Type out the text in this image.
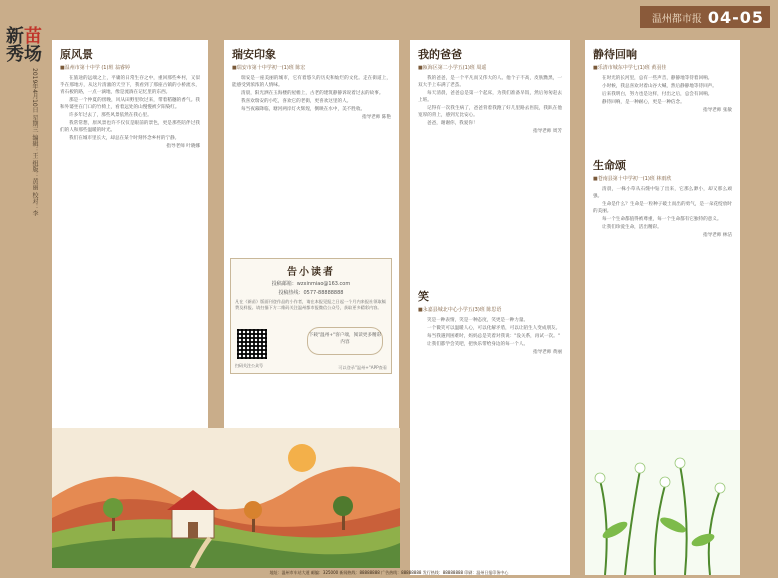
温州都市报 04-05
新苗
秀场
2019年4月10日 星期三 编辑：王 组版：黄丽 校对：李
原风景
■温州市第十中学 (1)班 翁睿婷

在旅途的远端之上，平庸的日常生存之中，重回那些乡村，又似乎在那地方，从这片清澈的天空下，我看到了那座古镇的小桥流水，青石板的路，一点一滴地，像是流淌在记忆里的东西。

那是一个仲夏的傍晚，风从田野里吹过来，带着稻穗的香气。我和外婆坐在门口的竹椅上，看着远处的山慢慢被夕阳染红。

许多年过去了，那些风景依然在我心里。

我常常想，原风景也许不仅仅是眼前的景色，更是那些陪伴过我们的人和那些温暖的时光。

我们在城市里长大，却总在某个时刻怀念乡村的宁静。

指导老师 叶晓娜

瑞安印象
■瑞安市第十中学初一(1)班 陈宏

瑞安是一座美丽的城市，它有着悠久的历史和灿烂的文化。走在街道上，能感受到浓浓的人情味。

清晨，阳光洒在玉海楼的屋檐上，古老的建筑静静诉说着过去的故事。

我喜欢瑞安的小吃，喜欢它的老街，更喜欢这里的人。

每当夜幕降临，塘河两岸灯火辉煌，倒映在水中，美不胜收。

指导老师 陈艳

告小读者
投稿邮箱：wzxinmiao@163.com
投稿热线：0577-88888888
凡在《新苗》版面刊登作品的小作者，请在本报见报之日起一个月内来报社领取稿费及样报。请扫描下方二维码关注温州都市报微信公众号，获取更多精彩内容。
扫码关注公众号
下载"温州+"客户端，阅读更多精彩内容
可以登录"温州+"APP查看
我的爸爸
■瓯海区第二小学五(1)班 周遥

我的爸爸，是一个平凡而又伟大的人。他个子不高，皮肤黝黑，一双大手上布满了老茧。

每天清晨，爸爸总是第一个起床，为我们准备早饭，然后匆匆赶去上班。

记得有一次我生病了，爸爸背着我跑了好几里路去医院，我趴在他宽厚的背上，感到无比安心。

爸爸，谢谢你，我爱你！

指导老师 周芳

笑
■永嘉县城北中心小学五(3)班 陈思语

笑是一种表情，笑是一种态度，笑更是一种力量。

一个微笑可以温暖人心，可以化解矛盾，可以让陌生人变成朋友。

每当我遇到困难时，妈妈总是笑着对我说："没关系，再试一次。"

让我们都学会笑吧，把快乐带给身边的每一个人。

指导老师 黄丽

静待回响
■乐清市城东中学七(1)班 黄羽佳

在时光的长河里，总有一些声音，静静地等待着回响。

小时候，我总喜欢对着山谷大喊，然后静静地等待回声。

后来我明白，努力也是这样，付出之后，总会有回响。

静待回响，是一种耐心，更是一种信念。

指导老师 张敏

生命颂
■苍南县第十中学初一(1)班 林雨欣

清晨，一株小草从石缝中钻了出来，它那么渺小，却又那么顽强。

生命是什么？生命是一粒种子破土而出的勇气，是一朵花绽放时的美丽。

每一个生命都值得被尊重，每一个生命都有它独特的意义。

让我们珍爱生命，活出精彩。

指导老师 林洁

地址：温州市车站大道 邮编：325000 新闻热线：88888888 广告热线：88888888 发行热线：88888888 印刷：温州日报印务中心
